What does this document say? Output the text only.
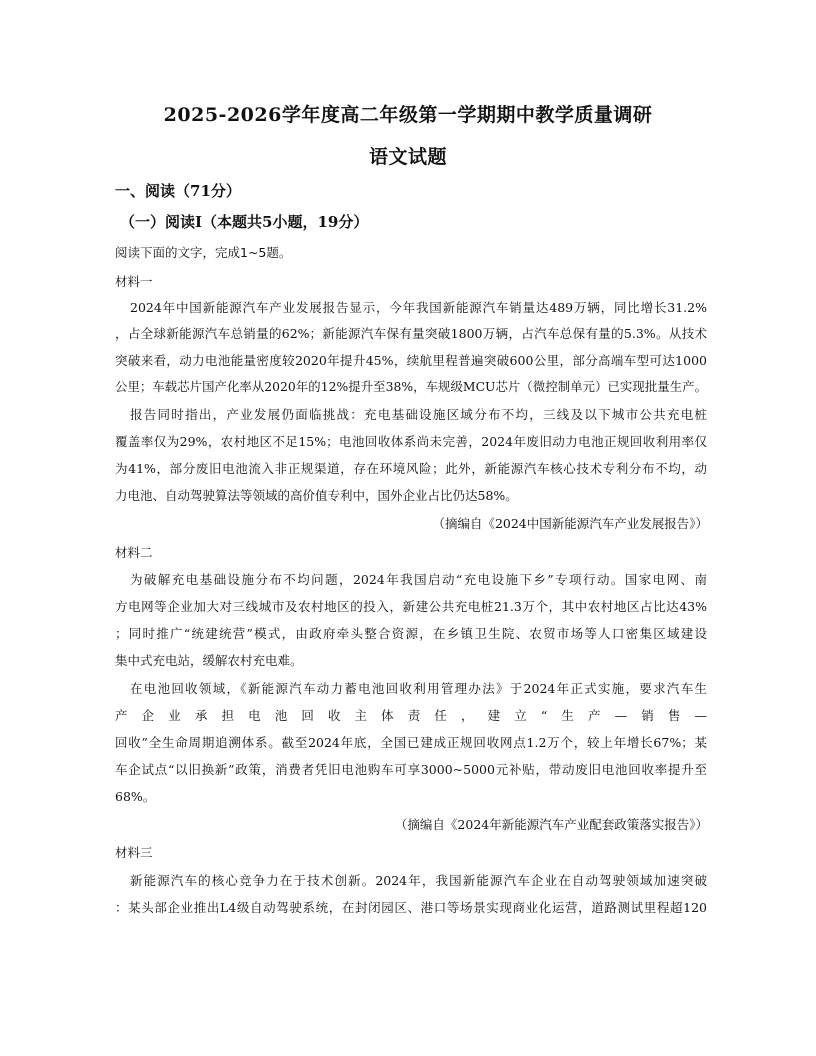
2025-2026学年度高二年级第一学期期中教学质量调研
语文试题
一、阅读（71分）
（一）阅读Ⅰ（本题共5小题，19分）
阅读下面的文字，完成1~5题。
材料一
2024年中国新能源汽车产业发展报告显示，今年我国新能源汽车销量达489万辆，同比增长31.2%
，占全球新能源汽车总销量的62%；新能源汽车保有量突破1800万辆，占汽车总保有量的5.3%。从技术
突破来看，动力电池能量密度较2020年提升45%，续航里程普遍突破600公里，部分高端车型可达1000
公里；车载芯片国产化率从2020年的12%提升至38%，车规级MCU芯片（微控制单元）已实现批量生产。
报告同时指出，产业发展仍面临挑战：充电基础设施区域分布不均，三线及以下城市公共充电桩
覆盖率仅为29%，农村地区不足15%；电池回收体系尚未完善，2024年废旧动力电池正规回收利用率仅
为41%，部分废旧电池流入非正规渠道，存在环境风险；此外，新能源汽车核心技术专利分布不均，动
力电池、自动驾驶算法等领域的高价值专利中，国外企业占比仍达58%。
（摘编自《2024中国新能源汽车产业发展报告》）
材料二
为破解充电基础设施分布不均问题，2024年我国启动“充电设施下乡”专项行动。国家电网、南
方电网等企业加大对三线城市及农村地区的投入，新建公共充电桩21.3万个，其中农村地区占比达43%
；同时推广“统建统营”模式，由政府牵头整合资源，在乡镇卫生院、农贸市场等人口密集区域建设
集中式充电站，缓解农村充电难。
在电池回收领域，《新能源汽车动力蓄电池回收利用管理办法》于2024年正式实施，要求汽车生
产企业承担电池回收主体责任，建立“生产—销售—
回收”全生命周期追溯体系。截至2024年底，全国已建成正规回收网点1.2万个，较上年增长67%；某
车企试点“以旧换新”政策，消费者凭旧电池购车可享3000~5000元补贴，带动废旧电池回收率提升至
68%。
（摘编自《2024年新能源汽车产业配套政策落实报告》）
材料三
新能源汽车的核心竞争力在于技术创新。2024年，我国新能源汽车企业在自动驾驶领域加速突破
：某头部企业推出L4级自动驾驶系统，在封闭园区、港口等场景实现商业化运营，道路测试里程超120
